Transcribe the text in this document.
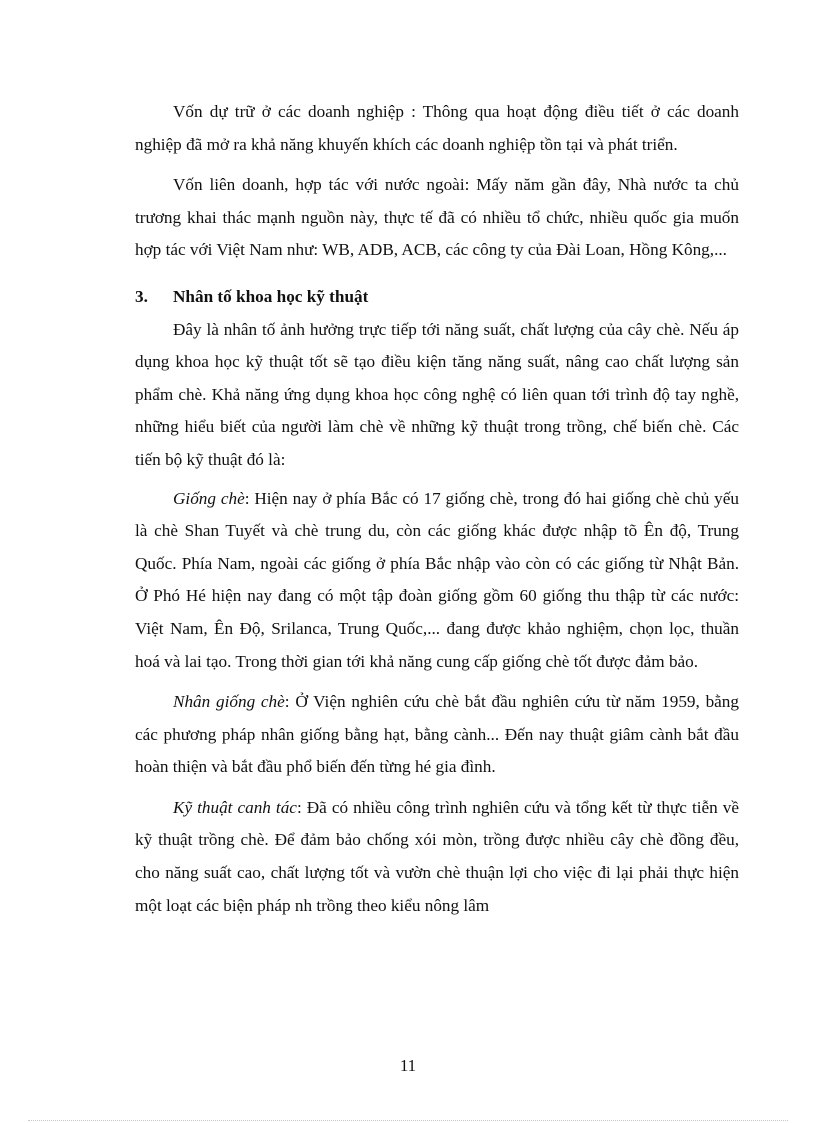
Vốn dự trữ ở các doanh nghiệp : Thông qua hoạt động điều tiết ở các doanh nghiệp đã mở ra khả năng khuyến khích các doanh nghiệp tồn tại và phát triển.

Vốn liên doanh, hợp tác với nước ngoài: Mấy năm gần đây, Nhà nước ta chủ trương khai thác mạnh nguồn này, thực tế đã có nhiều tổ chức, nhiều quốc gia muốn hợp tác với Việt Nam như: WB, ADB, ACB, các công ty của Đài Loan, Hồng Kông,...

3.	Nhân tố khoa học kỹ thuật

Đây là nhân tố ảnh hưởng trực tiếp tới năng suất, chất lượng của cây chè. Nếu áp dụng khoa học kỹ thuật tốt sẽ tạo điều kiện tăng năng suất, nâng cao chất lượng sản phẩm chè. Khả năng ứng dụng khoa học công nghệ có liên quan tới trình độ tay nghề, những hiểu biết của người làm chè về những kỹ thuật trong trồng, chế biến chè. Các tiến bộ kỹ thuật đó là:

Giống chè: Hiện nay ở phía Bắc có 17 giống chè, trong đó hai giống chè chủ yếu là chè Shan Tuyết và chè trung du, còn các giống khác được nhập tõ Ên độ, Trung Quốc. Phía Nam, ngoài các giống ở phía Bắc nhập vào còn có các giống từ Nhật Bản. Ở Phó Hé hiện nay đang có một tập đoàn giống gồm 60 giống thu thập từ các nước: Việt Nam, Ên Độ, Srilanca, Trung Quốc,... đang được khảo nghiệm, chọn lọc, thuần hoá và lai tạo. Trong thời gian tới khả năng cung cấp giống chè tốt được đảm bảo.

Nhân giống chè: Ở Viện nghiên cứu chè bắt đầu nghiên cứu từ năm 1959, bằng các phương pháp nhân giống bằng hạt, bằng cành... Đến nay thuật giâm cành bắt đầu hoàn thiện và bắt đầu phổ biến đến từng hé gia đình.

Kỹ thuật canh tác: Đã có nhiều công trình nghiên cứu và tổng kết từ thực tiễn về kỹ thuật trồng chè. Để đảm bảo chống xói mòn, trồng được nhiều cây chè đồng đều, cho năng suất cao, chất lượng tốt và vườn chè thuận lợi cho việc đi lại phải thực hiện một loạt các biện pháp nh trồng theo kiểu nông lâm

11
